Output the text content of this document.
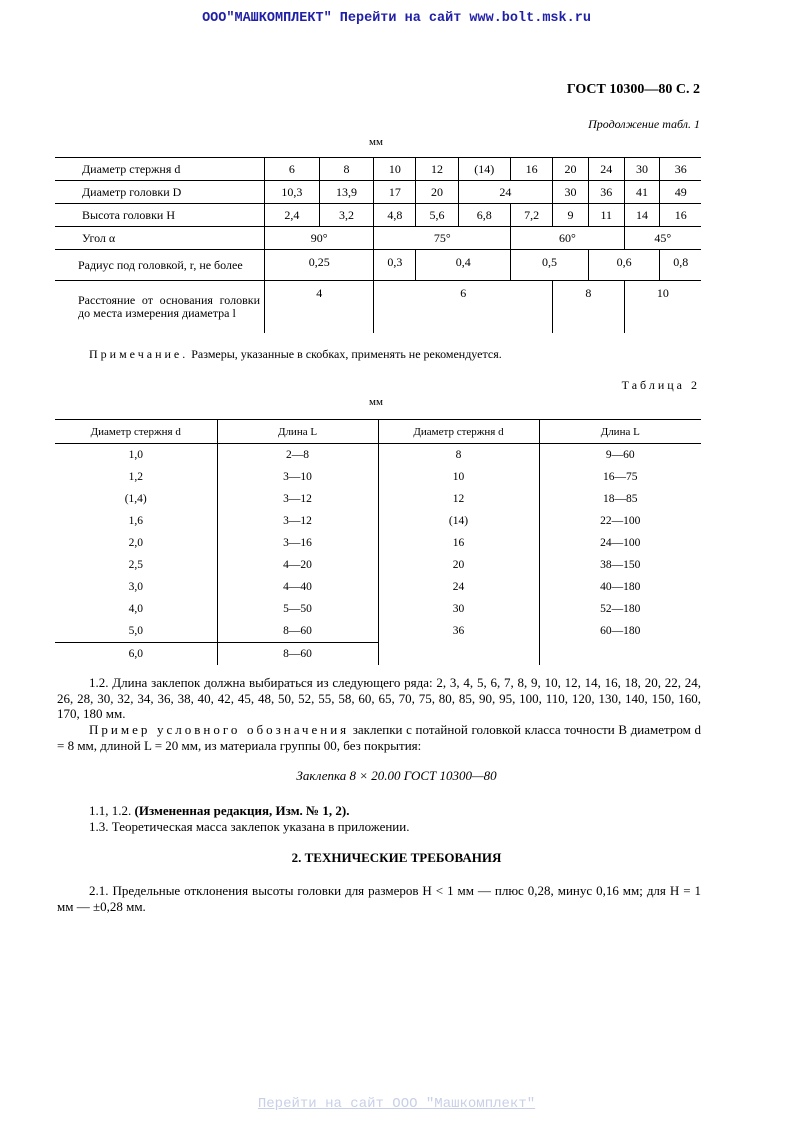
ООО"МАШКОМПЛЕКТ" Перейти на сайт www.bolt.msk.ru
ГОСТ 10300—80 С. 2
Продолжение табл. 1
мм
Диаметр стержня d	6	8	10	12	(14)	16	20	24	30	36
Диаметр головки D	10,3	13,9	17	20	24		30	36	41	49
Высота головки H	2,4	3,2	4,8	5,6	6,8	7,2	9	11	14	16
Угол α	90°		75°			60°			45°	
Радиус под головкой, r, не более	0,25		0,3	0,4		0,5		0,6		0,8
Расстояние от основания головки до места измерения диаметра l	4		6				8		10	
Примечание. Размеры, указанные в скобках, применять не рекомендуется.
Таблица 2
мм
Диаметр стержня d	Длина L	Диаметр стержня d	Длина L
1,0	2—8	8	9—60
1,2	3—10	10	16—75
(1,4)	3—12	12	18—85
1,6	3—12	(14)	22—100
2,0	3—16	16	24—100
2,5	4—20	20	38—150
3,0	4—40	24	40—180
4,0	5—50	30	52—180
5,0	8—60	36	60—180
6,0	8—60		
1.2. Длина заклепок должна выбираться из следующего ряда: 2, 3, 4, 5, 6, 7, 8, 9, 10, 12, 14, 16, 18, 20, 22, 24, 26, 28, 30, 32, 34, 36, 38, 40, 42, 45, 48, 50, 52, 55, 58, 60, 65, 70, 75, 80, 85, 90, 95, 100, 110, 120, 130, 140, 150, 160, 170, 180 мм.
Пример условного обозначения заклепки с потайной головкой класса точности В диаметром d = 8 мм, длиной L = 20 мм, из материала группы 00, без покрытия:
Заклепка 8 × 20.00 ГОСТ 10300—80
1.1, 1.2. (Измененная редакция, Изм. № 1, 2).
1.3. Теоретическая масса заклепок указана в приложении.
2. ТЕХНИЧЕСКИЕ ТРЕБОВАНИЯ
2.1. Предельные отклонения высоты головки для размеров H < 1 мм — плюс 0,28, минус 0,16 мм; для H = 1 мм — ±0,28 мм.
Перейти на сайт ООО "Машкомплект"
